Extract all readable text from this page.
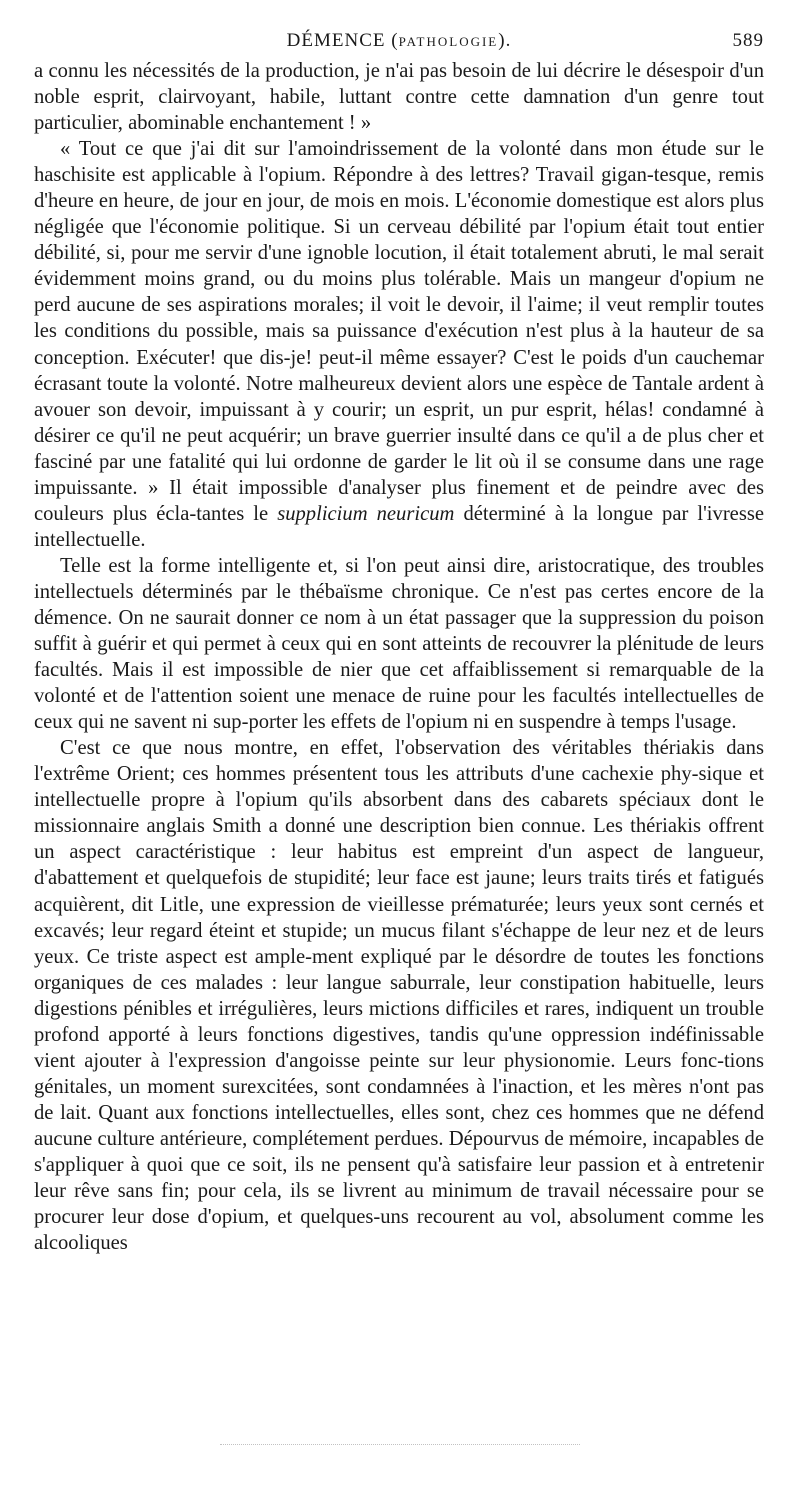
DÉMENCE (PATHOLOGIE).	589

a connu les nécessités de la production, je n'ai pas besoin de lui décrire le désespoir d'un noble esprit, clairvoyant, habile, luttant contre cette damnation d'un genre tout particulier, abominable enchantement ! »

« Tout ce que j'ai dit sur l'amoindrissement de la volonté dans mon étude sur le haschisite est applicable à l'opium. Répondre à des lettres? Travail gigan-tesque, remis d'heure en heure, de jour en jour, de mois en mois. L'économie domestique est alors plus négligée que l'économie politique. Si un cerveau débilité par l'opium était tout entier débilité, si, pour me servir d'une ignoble locution, il était totalement abruti, le mal serait évidemment moins grand, ou du moins plus tolérable. Mais un mangeur d'opium ne perd aucune de ses aspirations morales; il voit le devoir, il l'aime; il veut remplir toutes les conditions du possible, mais sa puissance d'exécution n'est plus à la hauteur de sa conception. Exécuter! que dis-je! peut-il même essayer? C'est le poids d'un cauchemar écrasant toute la volonté. Notre malheureux devient alors une espèce de Tantale ardent à avouer son devoir, impuissant à y courir; un esprit, un pur esprit, hélas! condamné à désirer ce qu'il ne peut acquérir; un brave guerrier insulté dans ce qu'il a de plus cher et fasciné par une fatalité qui lui ordonne de garder le lit où il se consume dans une rage impuissante. » Il était impossible d'analyser plus finement et de peindre avec des couleurs plus écla-tantes le supplicium neuricum déterminé à la longue par l'ivresse intellectuelle.

Telle est la forme intelligente et, si l'on peut ainsi dire, aristocratique, des troubles intellectuels déterminés par le thébaïsme chronique. Ce n'est pas certes encore de la démence. On ne saurait donner ce nom à un état passager que la suppression du poison suffit à guérir et qui permet à ceux qui en sont atteints de recouvrer la plénitude de leurs facultés. Mais il est impossible de nier que cet affaiblissement si remarquable de la volonté et de l'attention soient une menace de ruine pour les facultés intellectuelles de ceux qui ne savent ni sup-porter les effets de l'opium ni en suspendre à temps l'usage.

C'est ce que nous montre, en effet, l'observation des véritables thériakis dans l'extrême Orient; ces hommes présentent tous les attributs d'une cachexie phy-sique et intellectuelle propre à l'opium qu'ils absorbent dans des cabarets spéciaux dont le missionnaire anglais Smith a donné une description bien connue. Les thériakis offrent un aspect caractéristique : leur habitus est empreint d'un aspect de langueur, d'abattement et quelquefois de stupidité; leur face est jaune; leurs traits tirés et fatigués acquièrent, dit Litle, une expression de vieillesse prématurée; leurs yeux sont cernés et excavés; leur regard éteint et stupide; un mucus filant s'échappe de leur nez et de leurs yeux. Ce triste aspect est ample-ment expliqué par le désordre de toutes les fonctions organiques de ces malades : leur langue saburrale, leur constipation habituelle, leurs digestions pénibles et irrégulières, leurs mictions difficiles et rares, indiquent un trouble profond apporté à leurs fonctions digestives, tandis qu'une oppression indéfinissable vient ajouter à l'expression d'angoisse peinte sur leur physionomie. Leurs fonc-tions génitales, un moment surexcitées, sont condamnées à l'inaction, et les mères n'ont pas de lait. Quant aux fonctions intellectuelles, elles sont, chez ces hommes que ne défend aucune culture antérieure, complétement perdues. Dépourvus de mémoire, incapables de s'appliquer à quoi que ce soit, ils ne pensent qu'à satisfaire leur passion et à entretenir leur rêve sans fin; pour cela, ils se livrent au minimum de travail nécessaire pour se procurer leur dose d'opium, et quelques-uns recourent au vol, absolument comme les alcooliques
